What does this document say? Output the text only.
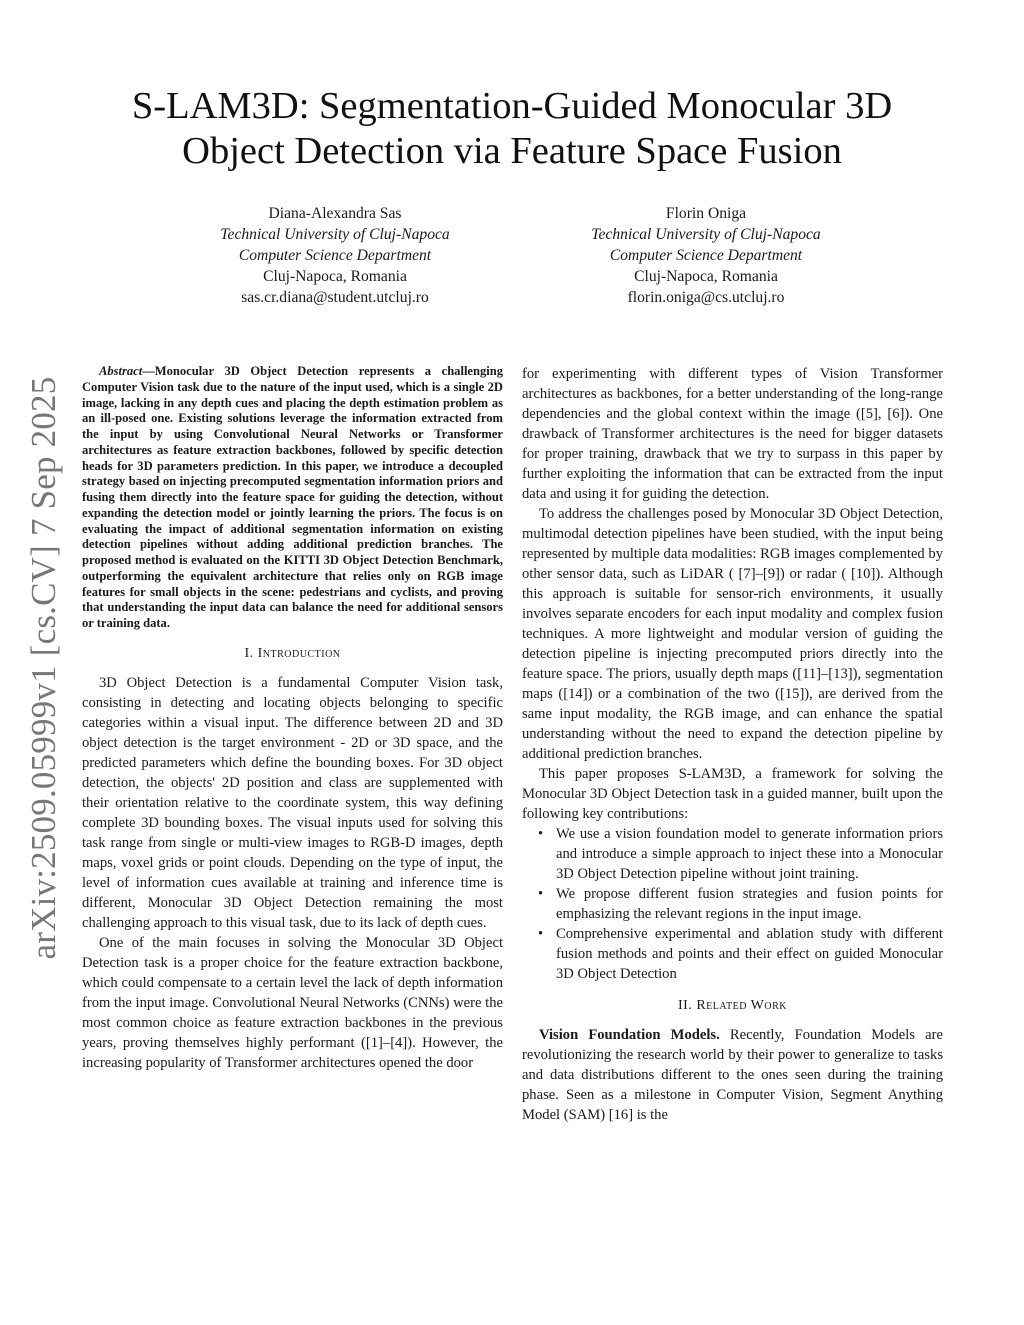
arXiv:2509.05999v1 [cs.CV] 7 Sep 2025
S-LAM3D: Segmentation-Guided Monocular 3D
Object Detection via Feature Space Fusion
Diana-Alexandra Sas
Technical University of Cluj-Napoca
Computer Science Department
Cluj-Napoca, Romania
sas.cr.diana@student.utcluj.ro
Florin Oniga
Technical University of Cluj-Napoca
Computer Science Department
Cluj-Napoca, Romania
florin.oniga@cs.utcluj.ro

Abstract—Monocular 3D Object Detection represents a challenging Computer Vision task due to the nature of the input used, which is a single 2D image, lacking in any depth cues and placing the depth estimation problem as an ill-posed one. Existing solutions leverage the information extracted from the input by using Convolutional Neural Networks or Transformer architectures as feature extraction backbones, followed by specific detection heads for 3D parameters prediction. In this paper, we introduce a decoupled strategy based on injecting precomputed segmentation information priors and fusing them directly into the feature space for guiding the detection, without expanding the detection model or jointly learning the priors. The focus is on evaluating the impact of additional segmentation information on existing detection pipelines without adding additional prediction branches. The proposed method is evaluated on the KITTI 3D Object Detection Benchmark, outperforming the equivalent architecture that relies only on RGB image features for small objects in the scene: pedestrians and cyclists, and proving that understanding the input data can balance the need for additional sensors or training data.

I. Introduction

3D Object Detection is a fundamental Computer Vision task, consisting in detecting and locating objects belonging to specific categories within a visual input. The difference between 2D and 3D object detection is the target environment - 2D or 3D space, and the predicted parameters which define the bounding boxes. For 3D object detection, the objects' 2D position and class are supplemented with their orientation relative to the coordinate system, this way defining complete 3D bounding boxes. The visual inputs used for solving this task range from single or multi-view images to RGB-D images, depth maps, voxel grids or point clouds. Depending on the type of input, the level of information cues available at training and inference time is different, Monocular 3D Object Detection remaining the most challenging approach to this visual task, due to its lack of depth cues.

One of the main focuses in solving the Monocular 3D Object Detection task is a proper choice for the feature extraction backbone, which could compensate to a certain level the lack of depth information from the input image. Convolutional Neural Networks (CNNs) were the most common choice as feature extraction backbones in the previous years, proving themselves highly performant ([1]–[4]). However, the increasing popularity of Transformer architectures opened the door

for experimenting with different types of Vision Transformer architectures as backbones, for a better understanding of the long-range dependencies and the global context within the image ([5], [6]). One drawback of Transformer architectures is the need for bigger datasets for proper training, drawback that we try to surpass in this paper by further exploiting the information that can be extracted from the input data and using it for guiding the detection.

To address the challenges posed by Monocular 3D Object Detection, multimodal detection pipelines have been studied, with the input being represented by multiple data modalities: RGB images complemented by other sensor data, such as LiDAR ( [7]–[9]) or radar ( [10]). Although this approach is suitable for sensor-rich environments, it usually involves separate encoders for each input modality and complex fusion techniques. A more lightweight and modular version of guiding the detection pipeline is injecting precomputed priors directly into the feature space. The priors, usually depth maps ([11]–[13]), segmentation maps ([14]) or a combination of the two ([15]), are derived from the same input modality, the RGB image, and can enhance the spatial understanding without the need to expand the detection pipeline by additional prediction branches.

This paper proposes S-LAM3D, a framework for solving the Monocular 3D Object Detection task in a guided manner, built upon the following key contributions:

• We use a vision foundation model to generate information priors and introduce a simple approach to inject these into a Monocular 3D Object Detection pipeline without joint training.
• We propose different fusion strategies and fusion points for emphasizing the relevant regions in the input image.
• Comprehensive experimental and ablation study with different fusion methods and points and their effect on guided Monocular 3D Object Detection
II. Related Work

Vision Foundation Models. Recently, Foundation Models are revolutionizing the research world by their power to generalize to tasks and data distributions different to the ones seen during the training phase. Seen as a milestone in Computer Vision, Segment Anything Model (SAM) [16] is the
